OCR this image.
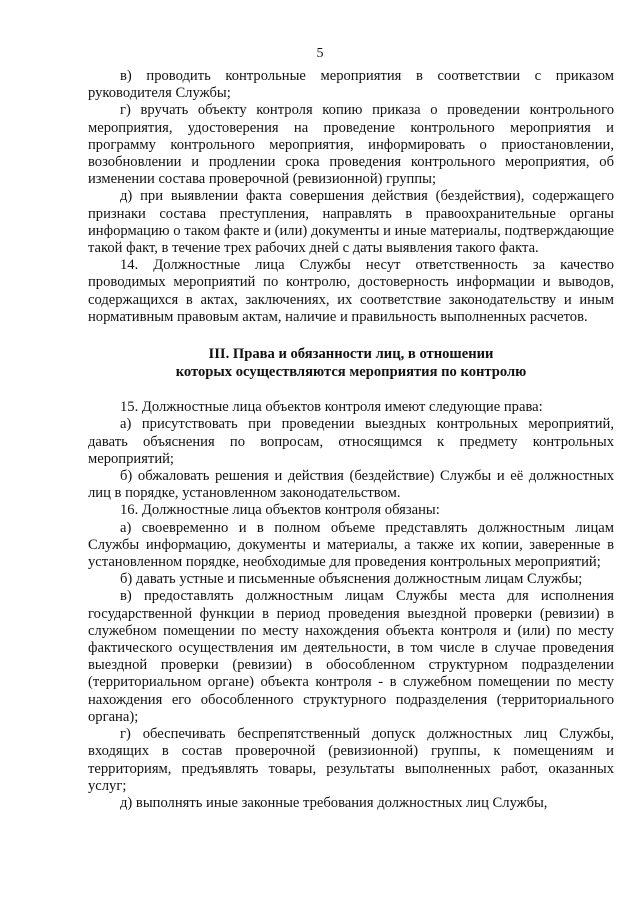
5

в) проводить контрольные мероприятия в соответствии с приказом руководителя Службы;

г) вручать объекту контроля копию приказа о проведении контрольного мероприятия, удостоверения на проведение контрольного мероприятия и программу контрольного мероприятия, информировать о приостановлении, возобновлении и продлении срока проведения контрольного мероприятия, об изменении состава проверочной (ревизионной) группы;

д) при выявлении факта совершения действия (бездействия), содержащего признаки состава преступления, направлять в правоохранительные органы информацию о таком факте и (или) документы и иные материалы, подтверждающие такой факт, в течение трех рабочих дней с даты выявления такого факта.

14. Должностные лица Службы несут ответственность за качество проводимых мероприятий по контролю, достоверность информации и выводов, содержащихся в актах, заключениях, их соответствие законодательству и иным нормативным правовым актам, наличие и правильность выполненных расчетов.

III. Права и обязанности лиц, в отношении
которых осуществляются мероприятия по контролю

15. Должностные лица объектов контроля имеют следующие права:

а) присутствовать при проведении выездных контрольных мероприятий, давать объяснения по вопросам, относящимся к предмету контрольных мероприятий;

б) обжаловать решения и действия (бездействие) Службы и её должностных лиц в порядке, установленном законодательством.

16. Должностные лица объектов контроля обязаны:

а) своевременно и в полном объеме представлять должностным лицам Службы информацию, документы и материалы, а также их копии, заверенные в установленном порядке, необходимые для проведения контрольных мероприятий;

б) давать устные и письменные объяснения должностным лицам Службы;

в) предоставлять должностным лицам Службы места для исполнения государственной функции в период проведения выездной проверки (ревизии) в служебном помещении по месту нахождения объекта контроля и (или) по месту фактического осуществления им деятельности, в том числе в случае проведения выездной проверки (ревизии) в обособленном структурном подразделении (территориальном органе) объекта контроля - в служебном помещении по месту нахождения его обособленного структурного подразделения (территориального органа);

г) обеспечивать беспрепятственный допуск должностных лиц Службы, входящих в состав проверочной (ревизионной) группы, к помещениям и территориям, предъявлять товары, результаты выполненных работ, оказанных услуг;

д) выполнять иные законные требования должностных лиц Службы,
